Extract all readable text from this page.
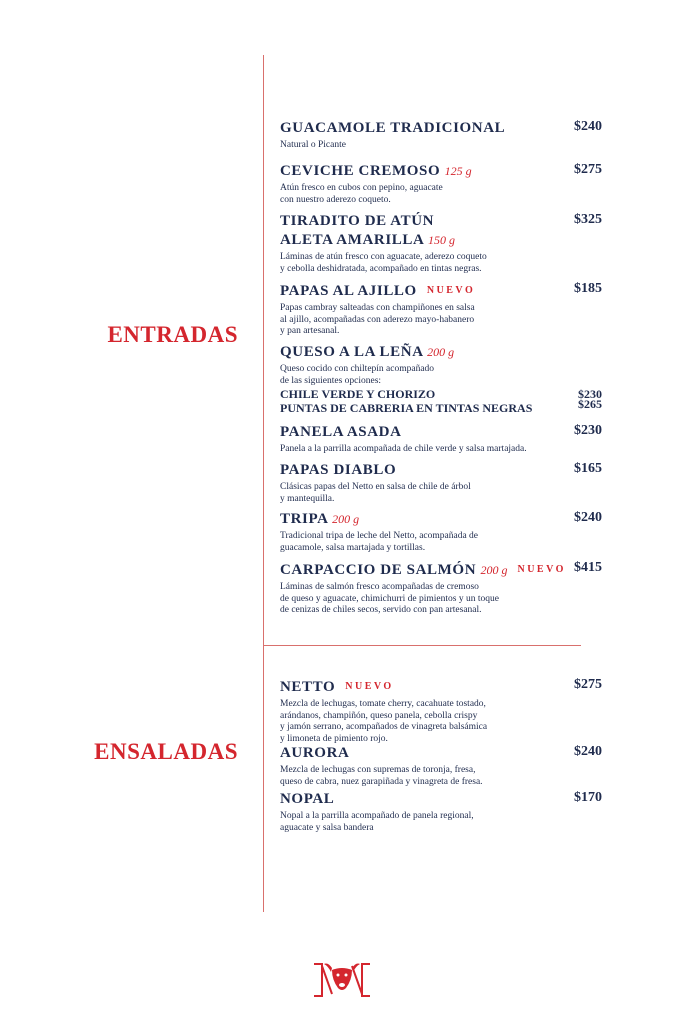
ENTRADAS
ENSALADAS
GUACAMOLE TRADICIONAL	$240
Natural o Picante
CEVICHE CREMOSO 125 g	$275
Atún fresco en cubos con pepino, aguacate
con nuestro aderezo coqueto.
TIRADITO DE ATÚN
ALETA AMARILLA 150 g
$325
Láminas de atún fresco con aguacate, aderezo coqueto
y cebolla deshidratada, acompañado en tintas negras.
PAPAS AL AJILLO NUEVO	$185
Papas cambray salteadas con champiñones en salsa
al ajillo, acompañadas con aderezo mayo-habanero
y pan artesanal.
QUESO A LA LEÑA 200 g
Queso cocido con chiltepín acompañado
de las siguientes opciones:
CHILE VERDE Y CHORIZO	$230
PUNTAS DE CABRERIA EN TINTAS NEGRAS	$265
PANELA ASADA	$230
Panela a la parrilla acompañada de chile verde y salsa martajada.
PAPAS DIABLO	$165
Clásicas papas del Netto en salsa de chile de árbol
y mantequilla.
TRIPA 200 g	$240
Tradicional tripa de leche del Netto, acompañada de
guacamole, salsa martajada y tortillas.
CARPACCIO DE SALMÓN 200 g NUEVO $415
Láminas de salmón fresco acompañadas de cremoso
de queso y aguacate, chimichurri de pimientos y un toque
de cenizas de chiles secos, servido con pan artesanal.
NETTO NUEVO	$275
Mezcla de lechugas, tomate cherry, cacahuate tostado,
arándanos, champiñón, queso panela, cebolla crispy
y jamón serrano, acompañados de vinagreta balsámica
y limoneta de pimiento rojo.
AURORA	$240
Mezcla de lechugas con supremas de toronja, fresa,
queso de cabra, nuez garapiñada y vinagreta de fresa.
NOPAL	$170
Nopal a la parrilla acompañado de panela regional,
aguacate y salsa bandera
